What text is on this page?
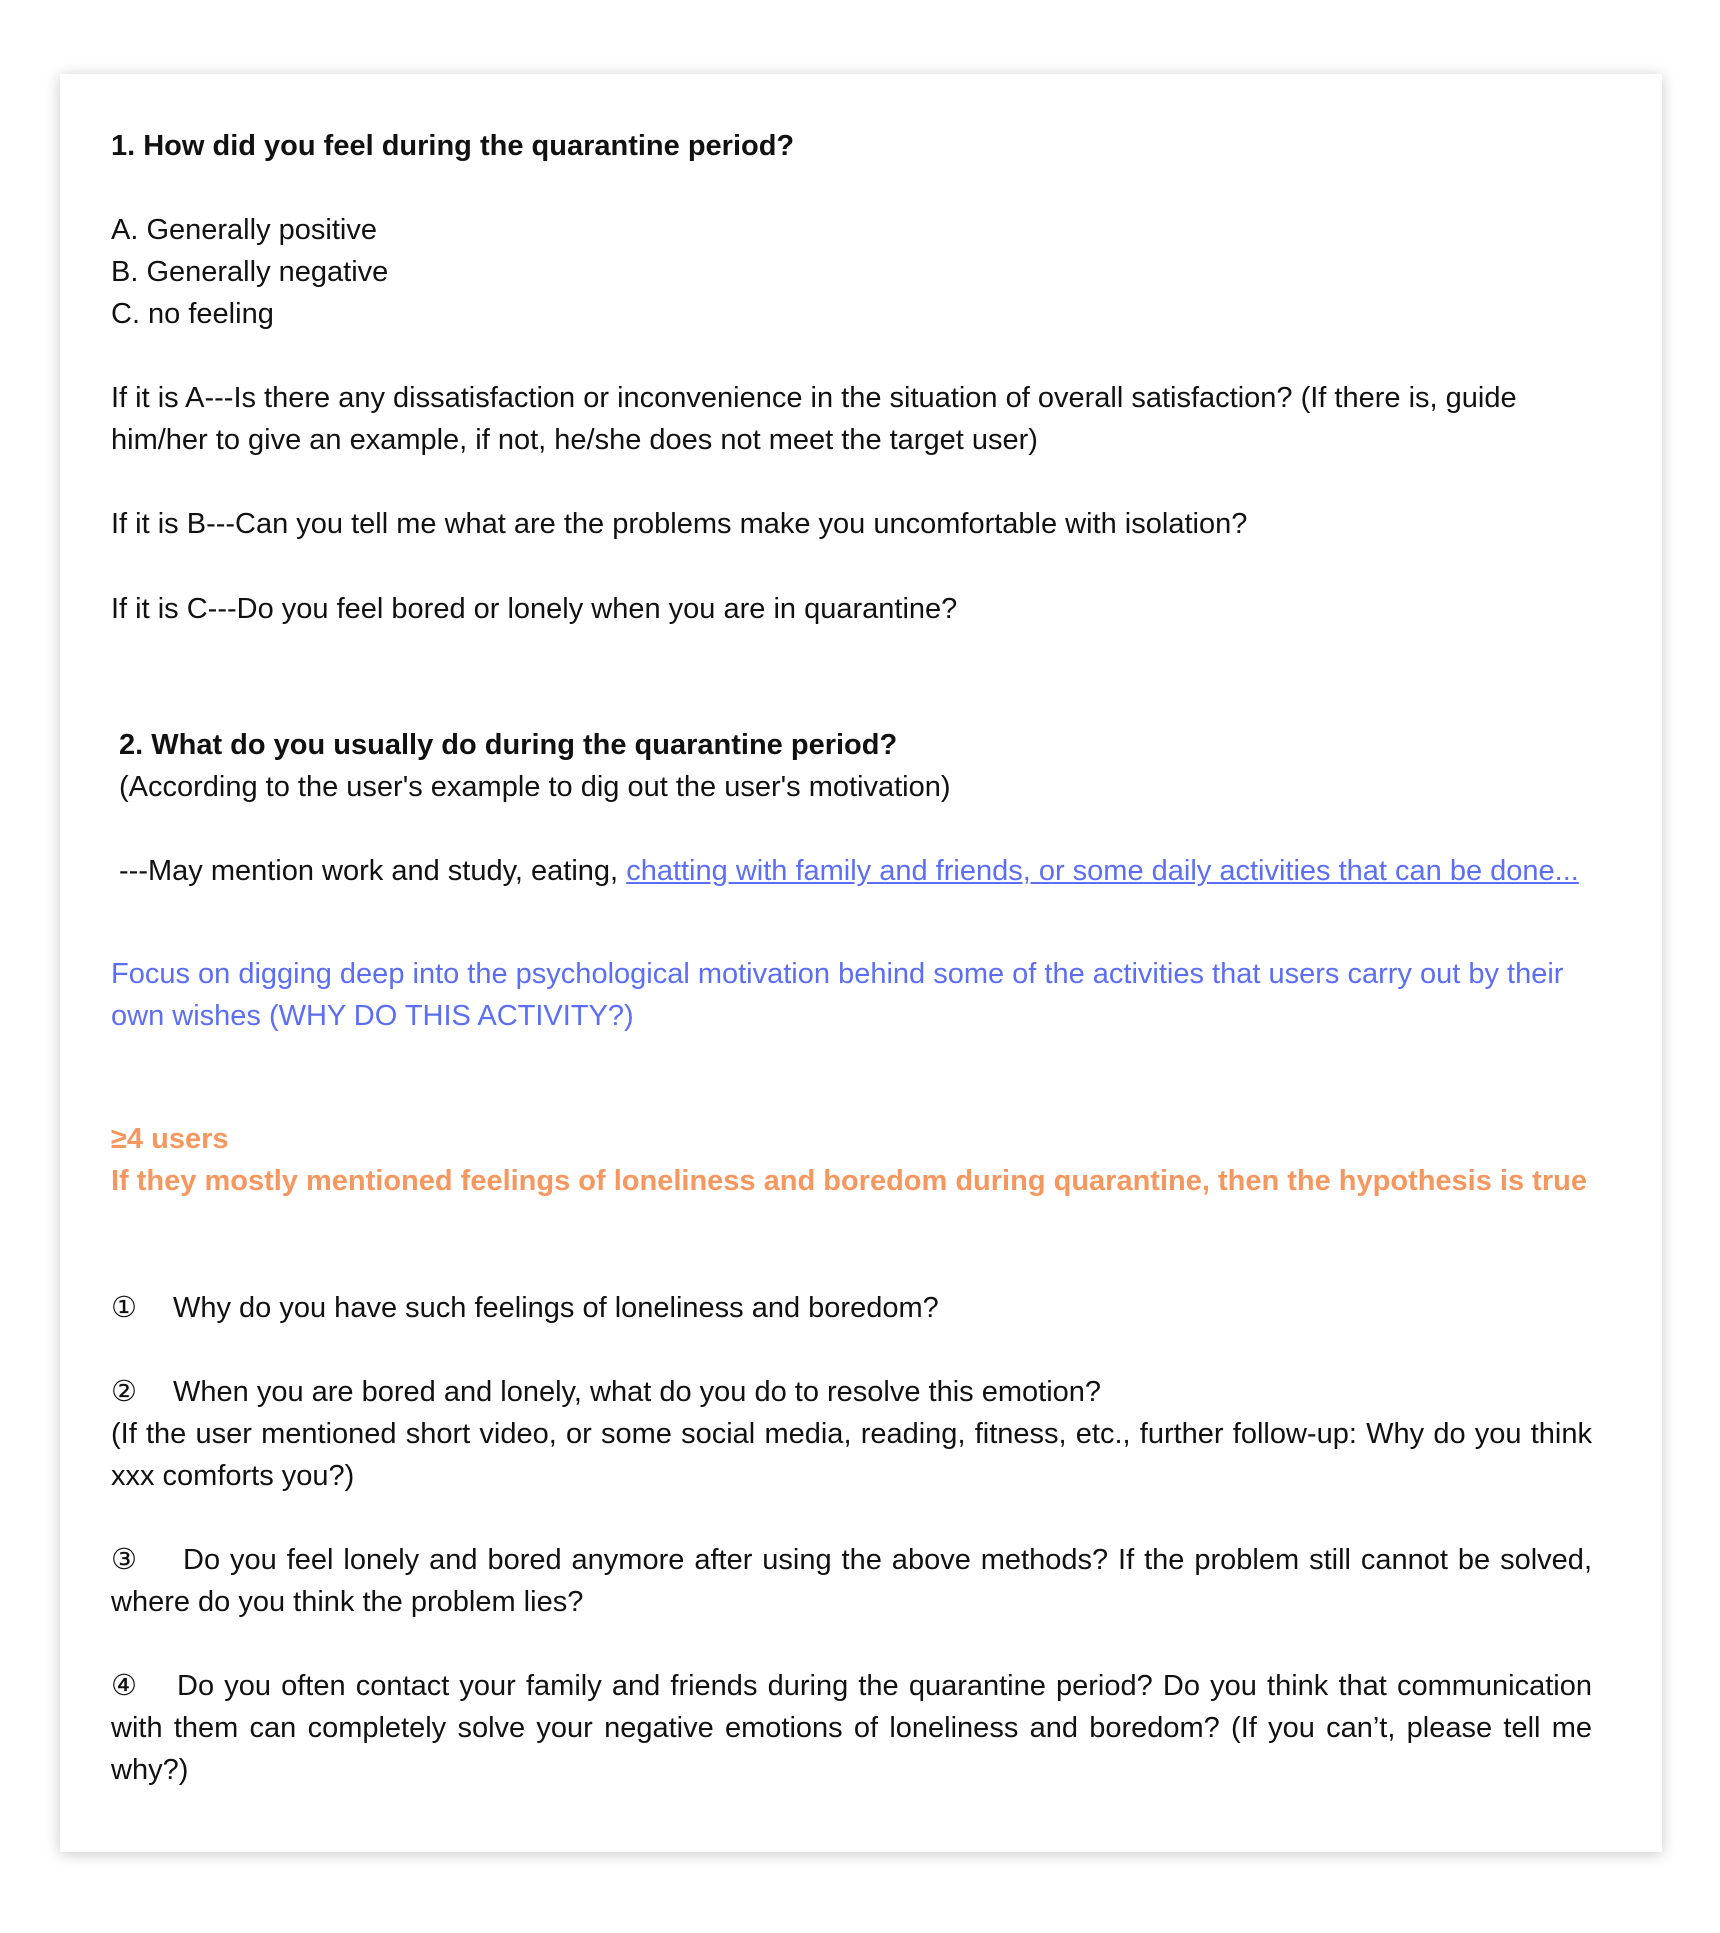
1. How did you feel during the quarantine period?
A. Generally positive
B. Generally negative
C. no feeling
If it is A---Is there any dissatisfaction or inconvenience in the situation of overall satisfaction? (If there is, guide him/her to give an example, if not, he/she does not meet the target user)
If it is B---Can you tell me what are the problems make you uncomfortable with isolation?
If it is C---Do you feel bored or lonely when you are in quarantine?
2. What do you usually do during the quarantine period?
(According to the user's example to dig out the user's motivation)
---May mention work and study, eating, chatting with family and friends, or some daily activities that can be done...
Focus on digging deep into the psychological motivation behind some of the activities that users carry out by their own wishes (WHY DO THIS ACTIVITY?)
≥4 users
If they mostly mentioned feelings of loneliness and boredom during quarantine, then the hypothesis is true
① Why do you have such feelings of loneliness and boredom?
② When you are bored and lonely, what do you do to resolve this emotion?
(If the user mentioned short video, or some social media, reading, fitness, etc., further follow-up: Why do you think xxx comforts you?)
③ Do you feel lonely and bored anymore after using the above methods? If the problem still cannot be solved, where do you think the problem lies?
④ Do you often contact your family and friends during the quarantine period? Do you think that communication with them can completely solve your negative emotions of loneliness and boredom? (If you can’t, please tell me why?)
